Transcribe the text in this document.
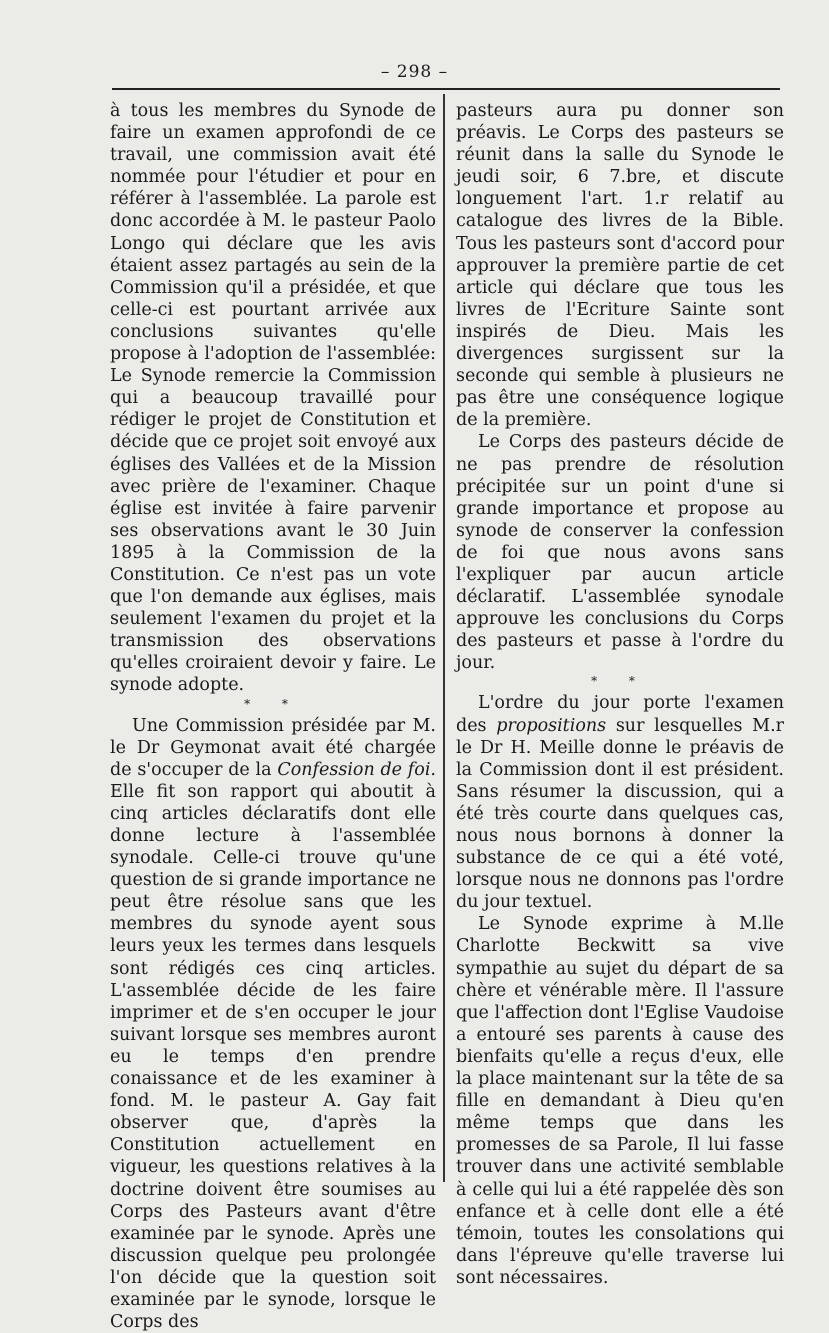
– 298 –

à tous les membres du Synode de faire un examen approfondi de ce travail, une commission avait été nommée pour l'étudier et pour en référer à l'assemblée. La parole est donc accordée à M. le pasteur Paolo Longo qui déclare que les avis étaient assez partagés au sein de la Commission qu'il a présidée, et que celle-ci est pourtant arrivée aux conclusions suivantes qu'elle propose à l'adoption de l'assemblée: Le Synode remercie la Commission qui a beaucoup travaillé pour rédiger le projet de Constitution et décide que ce projet soit envoyé aux églises des Vallées et de la Mission avec prière de l'examiner. Chaque église est invitée à faire parvenir ses observations avant le 30 Juin 1895 à la Commission de la Constitution. Ce n'est pas un vote que l'on demande aux églises, mais seulement l'examen du projet et la transmission des observations qu'elles croiraient devoir y faire. Le synode adopte.

* *

Une Commission présidée par M. le Dr Geymonat avait été chargée de s'occuper de la Confession de foi. Elle fit son rapport qui aboutit à cinq articles déclaratifs dont elle donne lecture à l'assemblée synodale. Celle-ci trouve qu'une question de si grande importance ne peut être résolue sans que les membres du synode ayent sous leurs yeux les termes dans lesquels sont rédigés ces cinq articles. L'assemblée décide de les faire imprimer et de s'en occuper le jour suivant lorsque ses membres auront eu le temps d'en prendre conaissance et de les examiner à fond. M. le pasteur A. Gay fait observer que, d'après la Constitution actuellement en vigueur, les questions relatives à la doctrine doivent être soumises au Corps des Pasteurs avant d'être examinée par le synode. Après une discussion quelque peu prolongée l'on décide que la question soit examinée par le synode, lorsque le Corps des

pasteurs aura pu donner son préavis. Le Corps des pasteurs se réunit dans la salle du Synode le jeudi soir, 6 7.bre, et discute longuement l'art. 1.r relatif au catalogue des livres de la Bible. Tous les pasteurs sont d'accord pour approuver la première partie de cet article qui déclare que tous les livres de l'Ecriture Sainte sont inspirés de Dieu. Mais les divergences surgissent sur la seconde qui semble à plusieurs ne pas être une conséquence logique de la première.

Le Corps des pasteurs décide de ne pas prendre de résolution précipitée sur un point d'une si grande importance et propose au synode de conserver la confession de foi que nous avons sans l'expliquer par aucun article déclaratif. L'assemblée synodale approuve les conclusions du Corps des pasteurs et passe à l'ordre du jour.

* *

L'ordre du jour porte l'examen des propositions sur lesquelles M.r le Dr H. Meille donne le préavis de la Commission dont il est président. Sans résumer la discussion, qui a été très courte dans quelques cas, nous nous bornons à donner la substance de ce qui a été voté, lorsque nous ne donnons pas l'ordre du jour textuel.

Le Synode exprime à M.lle Charlotte Beckwitt sa vive sympathie au sujet du départ de sa chère et vénérable mère. Il l'assure que l'affection dont l'Eglise Vaudoise a entouré ses parents à cause des bienfaits qu'elle a reçus d'eux, elle la place maintenant sur la tête de sa fille en demandant à Dieu qu'en même temps que dans les promesses de sa Parole, Il lui fasse trouver dans une activité semblable à celle qui lui a été rappelée dès son enfance et à celle dont elle a été témoin, toutes les consolations qui dans l'épreuve qu'elle traverse lui sont nécessaires.
